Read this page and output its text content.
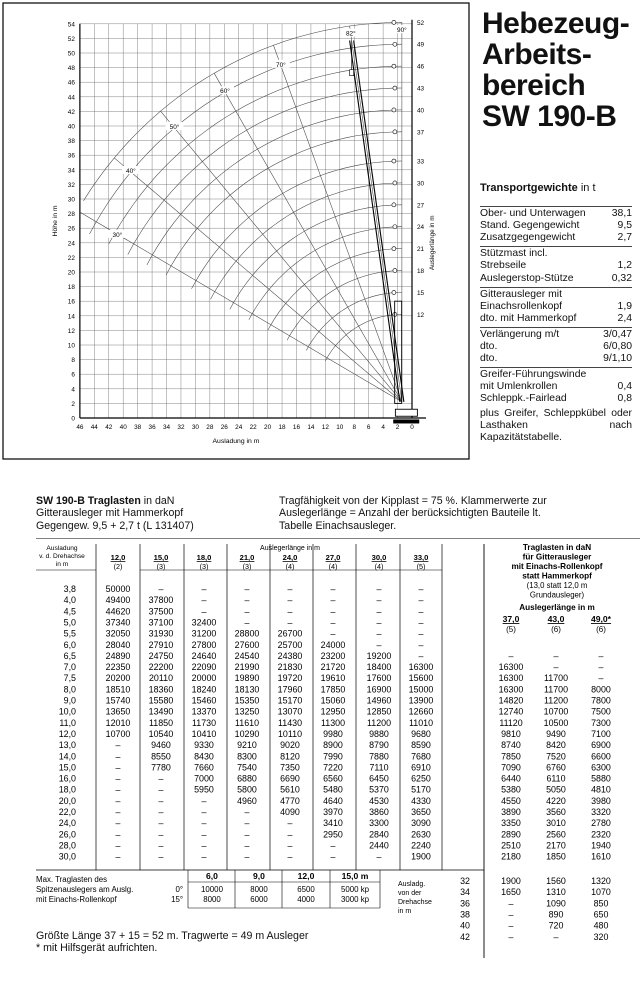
54
52
50
48
46
44
42
40
38
36
34
32
30
28
26
24
22
20
18
16
14
12
10
8
6
4
2
0
46 44 42 40 38 36 34 32 30 28 26 24 22 20 18 16 14 12 10 8 6 4 2 0
Ausladung in m
Höhe in m	30°
40°
50°
60°
70°
82°
90°
52
49
46
43
40
37
33
30
27
24
21
18
15
12
Auslegerlänge in m
Hebezeug-
Arbeits-
bereich
SW 190-B
Transportgewichte in t
Ober- und Unterwagen	38,1
Stand. Gegengewicht	9,5
Zusatzgegengewicht	2,7
Stützmast incl.
Strebseile	1,2
Auslegerstop-Stütze	0,32
Gitterausleger mit
Einachsrollenkopf	1,9
dto. mit Hammerkopf	2,4
Verlängerung m/t	3/0,47
dto.	6/0,80
dto.	9/1,10
Greifer-Führungswinde
mit Umlenkrollen	0,4
Schleppk.-Fairlead	0,8
plus Greifer, Schleppkübel oder Lasthaken nach Kapazitätstabelle.
SW 190-B Traglasten in daN
Gitterausleger mit Hammerkopf
Gegengew. 9,5 + 2,7 t (L 131407)
Tragfähigkeit von der Kipplast = 75 %. Klammerwerte zur
Auslegerlänge = Anzahl der berücksichtigten Bauteile lt.
Tabelle Einachsausleger.
Ausladung
v. d. Drehachse
in m
Auslegerlänge in m
12,0
(2)
15,0
(3)
18,0
(3)
21,0
(3)
24,0
(4)
27,0
(4)
30,0
(4)
33,0
(5)
3,8	50000	–	–	–	–	–	–	–
4,0	49400 37800	–	–	–	–	–	–
4,5	44620 37500	–	–	–	–	–	–
5,0	37340 37100 32400	–	–	–	–	–
5,5	32050 31930 31200 28800 26700	–	–	–
6,0	28040 27910 27800 27600 25700 24000	–	–
6,5	24890 24750 24640 24540 24380 23200 19200	–
7,0	22350 22200 22090 21990 21830 21720 18400 16300
7,5	20200 20110 20000 19890 19720 19610 17600 15600
8,0	18510 18360 18240 18130 17960 17850 16900 15000
9,0	15740 15580 15460 15350 15170 15060 14960 13900
10,0	13650 13490 13370 13250 13070 12950 12850 12660
11,0	12010 11850 11730 11610 11430 11300 11200 11010
12,0	10700 10540 10410 10290 10110 9980	9880	9680
13,0	–	9460	9330	9210	9020	8900	8790	8590
14,0	–	8550	8430	8300	8120	7990	7880	7680
15,0	–	7780	7660	7540	7350	7220	7110	6910
16,0	–	–	7000	6880	6690	6560	6450	6250
18,0	–	–	5950	5800	5610	5480	5370	5170
20,0	–	–	–	4960	4770	4640	4530	4330
22,0	–	–	–	–	4090	3970	3860	3650
24,0	–	–	–	–	–	3410	3300	3090
26,0	–	–	–	–	–	2950	2840	2630
28,0	–	–	–	–	–	–	2440	2240
30,0	–	–	–	–	–	–	–	1900
Traglasten in daN
für Gitterausleger
mit Einachs-Rollenkopf
statt Hammerkopf
(13,0 statt 12,0 m
Grundausleger)
Auslegerlänge in m
37,0
(5)
43,0
(6)
49,0*
(6)
–	–	–
16300	–	–
16300 11700	–
16300 11700	8000
14820 11200	7800
12740 10700	7500
11120 10500	7300
9810	9490	7100
8740	8420	6900
7850	7520	6600
7090	6760	6300
6440	6110	5880
5380	5050	4810
4550	4220	3980
3890	3560	3320
3350	3010	2780
2890	2560	2320
2510	2170	1940
2180	1850	1610
6,0	9,0	12,0	15,0 m
Max. Traglasten des
Spitzenauslegers am Auslg.
mit Einachs-Rollenkopf
0°
15°
10000	8000	6500	5000 kp
8000	6000	4000	3000 kp
Ausladg.
von der
Drehachse
in m
32	1900	1560	1320
34	1650	1310	1070
36	–	1090	850
38	–	890	650
40	–	720	480
42	–	–	320
Größte Länge 37 + 15 = 52 m. Tragwerte = 49 m Ausleger
* mit Hilfsgerät aufrichten.
